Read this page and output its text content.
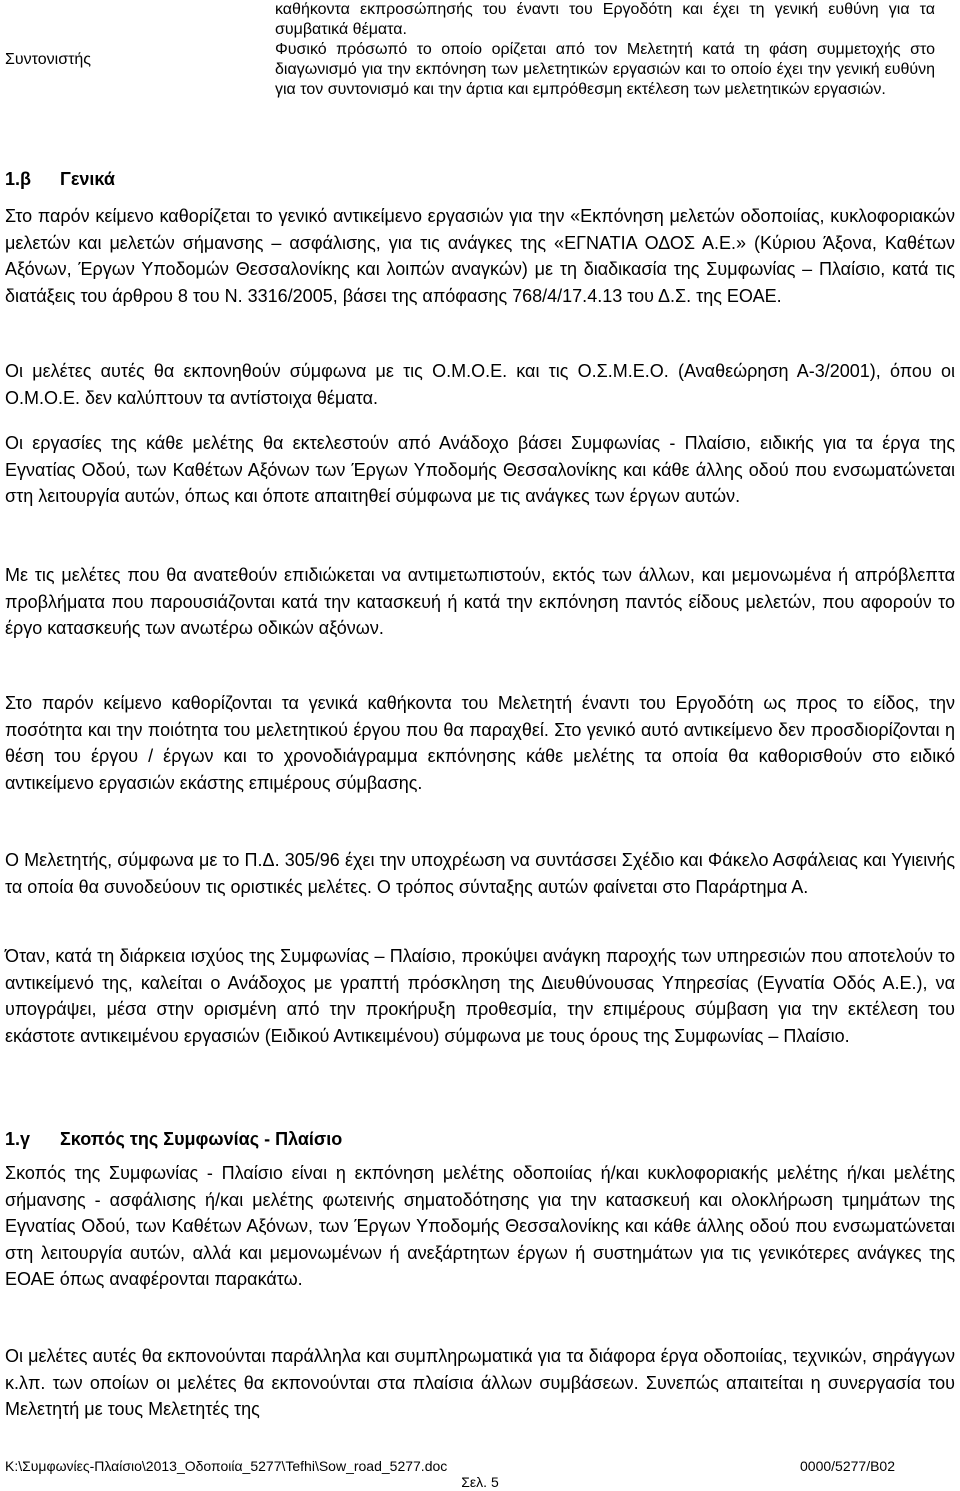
καθήκοντα εκπροσώπησής του έναντι του Εργοδότη και έχει τη γενική ευθύνη για τα συμβατικά θέματα.
Συντονιστής
Φυσικό πρόσωπό το οποίο ορίζεται από τον Μελετητή κατά τη φάση συμμετοχής στο διαγωνισμό για την εκπόνηση των μελετητικών εργασιών και το οποίο έχει την γενική ευθύνη για τον συντονισμό και την άρτια και εμπρόθεσμη εκτέλεση των μελετητικών εργασιών.
1.β Γενικά

Στο παρόν κείμενο καθορίζεται το γενικό αντικείμενο εργασιών για την «Εκπόνηση μελετών οδοποιίας, κυκλοφοριακών μελετών και μελετών σήμανσης – ασφάλισης, για τις ανάγκες της «ΕΓΝΑΤΙΑ ΟΔΟΣ Α.Ε.» (Κύριου Άξονα, Καθέτων Αξόνων, Έργων Υποδομών Θεσσαλονίκης και λοιπών αναγκών) με τη διαδικασία της Συμφωνίας – Πλαίσιο, κατά τις διατάξεις του άρθρου 8 του Ν. 3316/2005, βάσει της απόφασης 768/4/17.4.13 του Δ.Σ. της ΕΟΑΕ.

Οι μελέτες αυτές θα εκπονηθούν σύμφωνα με τις Ο.Μ.Ο.Ε. και τις Ο.Σ.Μ.Ε.Ο. (Αναθεώρηση Α-3/2001), όπου οι Ο.Μ.Ο.Ε. δεν καλύπτουν τα αντίστοιχα θέματα.

Οι εργασίες της κάθε μελέτης θα εκτελεστούν από Ανάδοχο βάσει Συμφωνίας - Πλαίσιο, ειδικής για τα έργα της Εγνατίας Οδού, των Καθέτων Αξόνων των Έργων Υποδομής Θεσσαλονίκης και κάθε άλλης οδού που ενσωματώνεται στη λειτουργία αυτών, όπως και όποτε απαιτηθεί σύμφωνα με τις ανάγκες των έργων αυτών.

Με τις μελέτες που θα ανατεθούν επιδιώκεται να αντιμετωπιστούν, εκτός των άλλων, και μεμονωμένα ή απρόβλεπτα προβλήματα που παρουσιάζονται κατά την κατασκευή ή κατά την εκπόνηση παντός είδους μελετών, που αφορούν το έργο κατασκευής των ανωτέρω οδικών αξόνων.

Στο παρόν κείμενο καθορίζονται τα γενικά καθήκοντα του Μελετητή έναντι του Εργοδότη ως προς το είδος, την ποσότητα και την ποιότητα του μελετητικού έργου που θα παραχθεί. Στο γενικό αυτό αντικείμενο δεν προσδιορίζονται η θέση του έργου / έργων και το χρονοδιάγραμμα εκπόνησης κάθε μελέτης τα οποία θα καθορισθούν στο ειδικό αντικείμενο εργασιών εκάστης επιμέρους σύμβασης.

Ο Μελετητής, σύμφωνα με το Π.Δ. 305/96 έχει την υποχρέωση να συντάσσει Σχέδιο και Φάκελο Ασφάλειας και Υγιεινής τα οποία θα συνοδεύουν τις οριστικές μελέτες. Ο τρόπος σύνταξης αυτών φαίνεται στο Παράρτημα Α.

Όταν, κατά τη διάρκεια ισχύος της Συμφωνίας – Πλαίσιο, προκύψει ανάγκη παροχής των υπηρεσιών που αποτελούν το αντικείμενό της, καλείται ο Ανάδοχος με γραπτή πρόσκληση της Διευθύνουσας Υπηρεσίας (Εγνατία Οδός Α.Ε.), να υπογράψει, μέσα στην ορισμένη από την προκήρυξη προθεσμία, την επιμέρους σύμβαση για την εκτέλεση του εκάστοτε αντικειμένου εργασιών (Ειδικού Αντικειμένου) σύμφωνα με τους όρους της Συμφωνίας – Πλαίσιο.

1.γ Σκοπός της Συμφωνίας - Πλαίσιο

Σκοπός της Συμφωνίας - Πλαίσιο είναι η εκπόνηση μελέτης οδοποιίας ή/και κυκλοφοριακής μελέτης ή/και μελέτης σήμανσης - ασφάλισης ή/και μελέτης φωτεινής σηματοδότησης για την κατασκευή και ολοκλήρωση τμημάτων της Εγνατίας Οδού, των Καθέτων Αξόνων, των Έργων Υποδομής Θεσσαλονίκης και κάθε άλλης οδού που ενσωματώνεται στη λειτουργία αυτών, αλλά και μεμονωμένων ή ανεξάρτητων έργων ή συστημάτων για τις γενικότερες ανάγκες της ΕΟΑΕ όπως αναφέρονται παρακάτω.

Οι μελέτες αυτές θα εκπονούνται παράλληλα και συμπληρωματικά για τα διάφορα έργα οδοποιίας, τεχνικών, σηράγγων κ.λπ. των οποίων οι μελέτες θα εκπονούνται στα πλαίσια άλλων συμβάσεων. Συνεπώς απαιτείται η συνεργασία του Μελετητή με τους Μελετητές της

K:\Συμφωνίες-Πλαίσιο\2013_Οδοποιία_5277\Tefhi\Sow_road_5277.doc	0000/5277/B02
Σελ. 5
